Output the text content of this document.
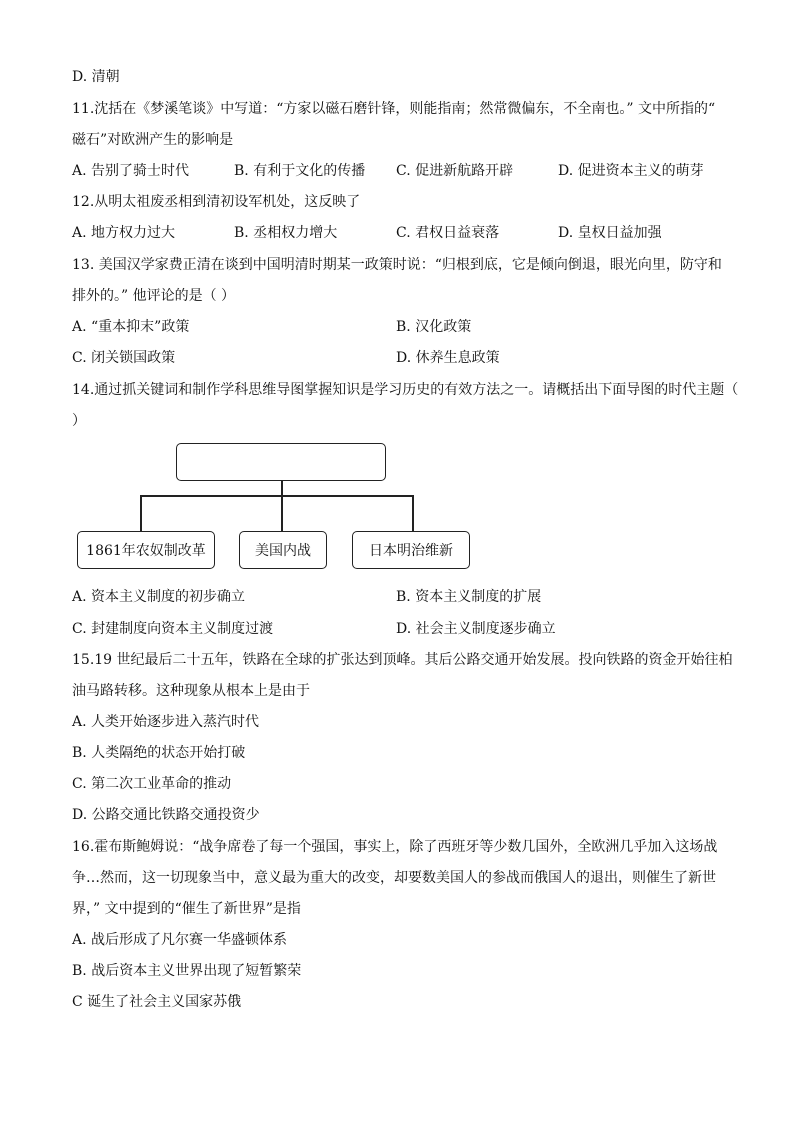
D. 清朝
11.沈括在《梦溪笔谈》中写道：“方家以磁石磨针锋，则能指南；然常微偏东，不全南也。” 文中所指的“
磁石”对欧洲产生的影响是
A. 告别了骑士时代	B. 有利于文化的传播 C. 促进新航路开辟	D. 促进资本主义的萌芽
12.从明太祖废丞相到清初设军机处，这反映了
A. 地方权力过大	B. 丞相权力增大	C. 君权日益衰落	D. 皇权日益加强
13. 美国汉学家费正清在谈到中国明清时期某一政策时说：“归根到底，它是倾向倒退，眼光向里，防守和
排外的。” 他评论的是（ ）
A. “重本抑末”政策	B. 汉化政策
C. 闭关锁国政策	D. 休养生息政策
14.通过抓关键词和制作学科思维导图掌握知识是学习历史的有效方法之一。请概括出下面导图的时代主题（
）
1861年农奴制改革	美国内战	日本明治维新
A. 资本主义制度的初步确立	B. 资本主义制度的扩展
C. 封建制度向资本主义制度过渡	D. 社会主义制度逐步确立
15.19 世纪最后二十五年，铁路在全球的扩张达到顶峰。其后公路交通开始发展。投向铁路的资金开始往柏
油马路转移。这种现象从根本上是由于
A. 人类开始逐步进入蒸汽时代
B. 人类隔绝的状态开始打破
C. 第二次工业革命的推动
D. 公路交通比铁路交通投资少
16.霍布斯鲍姆说：“战争席卷了每一个强国，事实上，除了西班牙等少数几国外，全欧洲几乎加入这场战
争…然而，这一切现象当中，意义最为重大的改变，却要数美国人的参战而俄国人的退出，则催生了新世
界，” 文中提到的“催生了新世界”是指
A. 战后形成了凡尔赛一华盛顿体系
B. 战后资本主义世界出现了短暂繁荣
C 诞生了社会主义国家苏俄
